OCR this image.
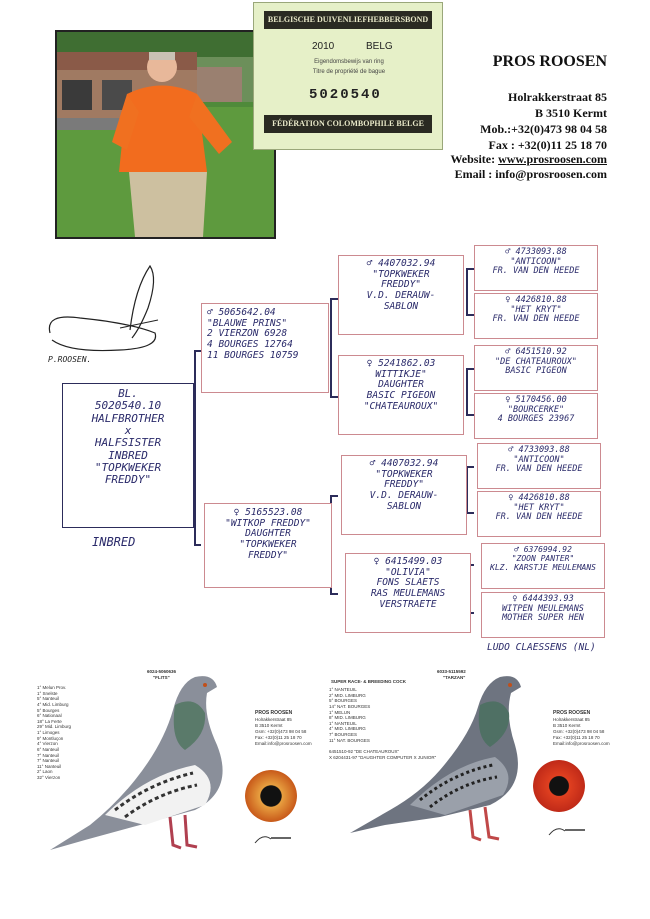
BELGISCHE DUIVENLIEFHEBBERSBOND
2010	BELG
Eigendomsbewijs van ring
Titre de propriété de bague
5020540
FÉDÉRATION COLOMBOPHILE BELGE
PROS ROOSEN
Holrakkerstraat 85
B 3510 Kermt
Mob.:+32(0)473 98 04 58
Fax : +32(0)11 25 18 70
Website: www.prosroosen.com
Email : info@prosroosen.com
P.ROOSEN.
BL.
5020540.10
HALFBROTHER
x
HALFSISTER
INBRED
"TOPKWEKER
FREDDY"
INBRED
♂ 5065642.04
"BLAUWE PRINS"
2 VIERZON 6928
4 BOURGES 12764
11 BOURGES 10759
♀ 5165523.08
"WITKOP FREDDY"
DAUGHTER
"TOPKWEKER
FREDDY"
♂ 4407032.94
"TOPKWEKER
FREDDY"
V.D. DERAUW-
SABLON
♀ 5241862.03
WITTIKJE"
DAUGHTER
BASIC PIGEON
"CHATEAUROUX"
♂ 4407032.94
"TOPKWEKER
FREDDY"
V.D. DERAUW-
SABLON
♀ 6415499.03
"OLIVIA"
FONS SLAETS
RAS MEULEMANS
VERSTRAETE
♂ 4733093.88
"ANTICOON"
FR. VAN DEN HEEDE
♀ 4426810.88
"HET KRYT"
FR. VAN DEN HEEDE
♂ 6451510.92
"DE CHATEAUROUX"
BASIC PIGEON
♀ 5170456.00
"BOURCERKE"
4 BOURGES 23967
♂ 4733093.88
"ANTICOON"
FR. VAN DEN HEEDE
♀ 4426810.88
"HET KRYT"
FR. VAN DEN HEEDE
♂ 6376994.92
"ZOON PANTER"
KLZ. KARSTJE MEULEMANS
♀ 6444393.93
WITPEN MEULEMANS
MOTHER SUPER HEN
LUDO CLAESSENS (NL)
6024-5060636
"FLITS"
1° Melun Prov.
1° Snelste
5° Nanteuil
4° Mid. Limburg
5° Bourges
6° Nationaal
18° La Ferte
29° Mid. Limburg
1° Limoges
9° Montluçon
4° Vierzon
6° Nanteuil
7° Nanteuil
7° Nanteuil
11° Nanteuil
2° Laon
32° Vierzon
PROS ROOSEN
Holrakkerstraat 85
B 3510 Kermt
Gsm: +32(0)473 98 04 58
Fax: +32(0)11 25 18 70
Email:info@prosroosen.com
SUPER RACE- & BREEDING COCK
6033-5115592
"TARZAN"
1° NANTEUIL
2° MID. LIMBURG
5° BOURGES
14° NAT. BOURGES
1° MELUN
8° MID. LIMBURG
1° NANTEUIL
4° MID. LIMBURG
7° BOURGES
11° NAT. BOURGES
6451510-92 "DE CHATEAUROUX"
X 6204431-97 "DAUGHTER COMPUTER X JUNIOR"
PROS ROOSEN
Holrakkerstraat 85
B 3510 Kermt
Gsm: +32(0)473 98 04 58
Fax: +32(0)11 25 18 70
Email:info@prosroosen.com
